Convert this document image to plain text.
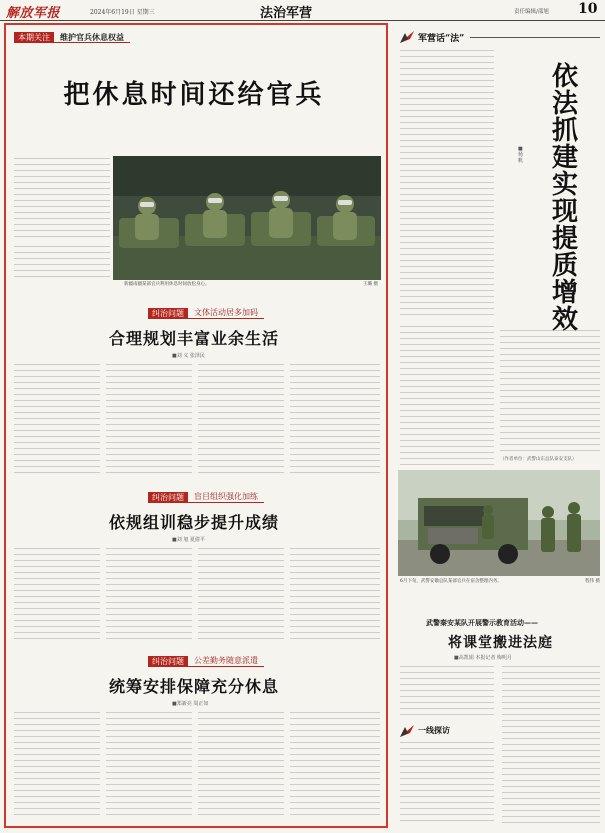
解放军报	2024年6月19日 星期三	法治军营	责任编辑/邵旭 10
本期关注	维护官兵休息权益
把休息时间还给官兵
新疆南疆某部官兵利用休息时间放松身心。	王璐 摄
纠治问题	文体活动居多加码
合理规划丰富业余生活
■刘 义 张泽民
纠治问题	盲目组织强化加练
依规组训稳步提升成绩
■刘 旭 夏倩平
纠治问题	公差勤务随意派遣
统筹安排保障充分休息
■郑新亮 周正如
军营话“法”
依法抓建实现提质增效
■杨 帆
（作者单位：武警山东总队泰安支队）
6月下旬，武警安徽总队某部官兵在宿舍整理内务。	程伟 摄
武警秦安某队开展警示教育活动——
将课堂搬进法庭
■高凯娟 本报记者 梅明月
一线探访
